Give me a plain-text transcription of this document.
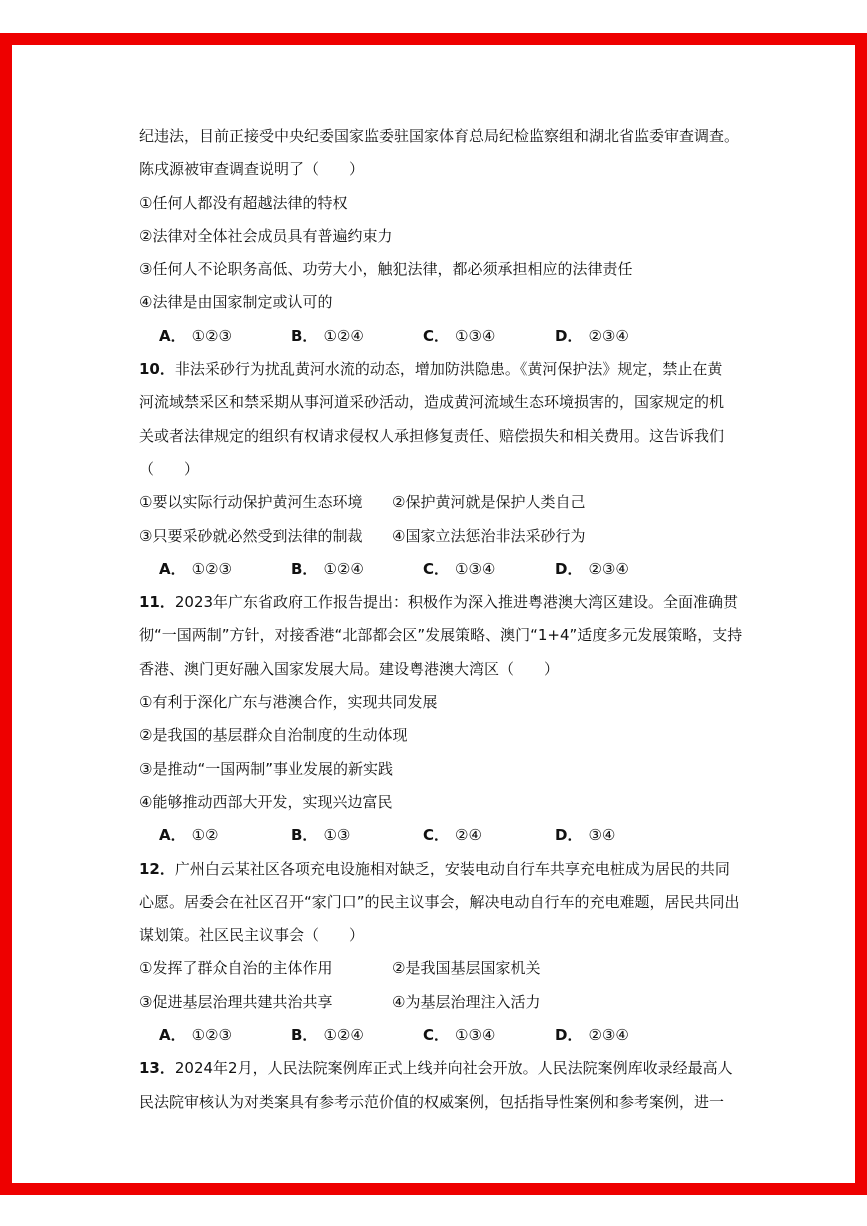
纪违法，目前正接受中央纪委国家监委驻国家体育总局纪检监察组和湖北省监委审查调查。
陈戌源被审查调查说明了（　　）
①任何人都没有超越法律的特权
②法律对全体社会成员具有普遍约束力
③任何人不论职务高低、功劳大小，触犯法律，都必须承担相应的法律责任
④法律是由国家制定或认可的
A． ①②③	B． ①②④	C． ①③④	D． ②③④
10．非法采砂行为扰乱黄河水流的动态，增加防洪隐患。《黄河保护法》规定，禁止在黄
河流域禁采区和禁采期从事河道采砂活动，造成黄河流域生态环境损害的，国家规定的机
关或者法律规定的组织有权请求侵权人承担修复责任、赔偿损失和相关费用。这告诉我们
（　　）
①要以实际行动保护黄河生态环境	②保护黄河就是保护人类自己
③只要采砂就必然受到法律的制裁	④国家立法惩治非法采砂行为
A． ①②③	B． ①②④	C． ①③④	D． ②③④
11．2023年广东省政府工作报告提出：积极作为深入推进粤港澳大湾区建设。全面准确贯
彻“一国两制”方针，对接香港“北部都会区”发展策略、澳门“1+4”适度多元发展策略，支持
香港、澳门更好融入国家发展大局。建设粤港澳大湾区（　　）
①有利于深化广东与港澳合作，实现共同发展
②是我国的基层群众自治制度的生动体现
③是推动“一国两制”事业发展的新实践
④能够推动西部大开发，实现兴边富民
A． ①②	B． ①③	C． ②④	D． ③④
12．广州白云某社区各项充电设施相对缺乏，安装电动自行车共享充电桩成为居民的共同
心愿。居委会在社区召开“家门口”的民主议事会，解决电动自行车的充电难题，居民共同出
谋划策。社区民主议事会（　　）
①发挥了群众自治的主体作用	②是我国基层国家机关
③促进基层治理共建共治共享	④为基层治理注入活力
A． ①②③	B． ①②④	C． ①③④	D． ②③④
13．2024年2月，人民法院案例库正式上线并向社会开放。人民法院案例库收录经最高人
民法院审核认为对类案具有参考示范价值的权威案例，包括指导性案例和参考案例，进一
